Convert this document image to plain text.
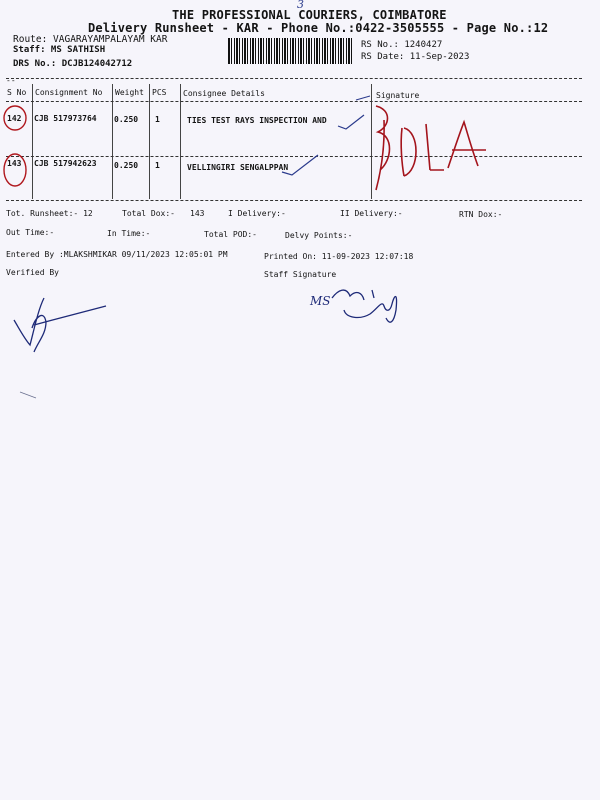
3
THE PROFESSIONAL COURIERS, COIMBATORE
Delivery Runsheet - KAR - Phone No.:0422-3505555 - Page No.:12
Route: VAGARAYAMPALAYAM KAR
Staff: MS SATHISH
DRS No.: DCJB124042712
RS No.: 1240427
RS Date: 11-Sep-2023
--
S No Consignment No Weight PCS Consignee Details	Signature
142 CJB 517973764 0.250 1	TIES TEST RAYS INSPECTION AND
143 CJB 517942623 0.250 1	VELLINGIRI SENGALPPAN
Tot. Runsheet:- 12	Total Dox:- 143	I Delivery:-	II Delivery:-	RTN Dox:-
Out Time:-	In Time:-	Total POD:-	Delvy Points:-
Entered By :MLAKSHMIKAR 09/11/2023 12:05:01 PM	Printed On: 11-09-2023 12:07:18
Verified By	Staff Signature
MS
